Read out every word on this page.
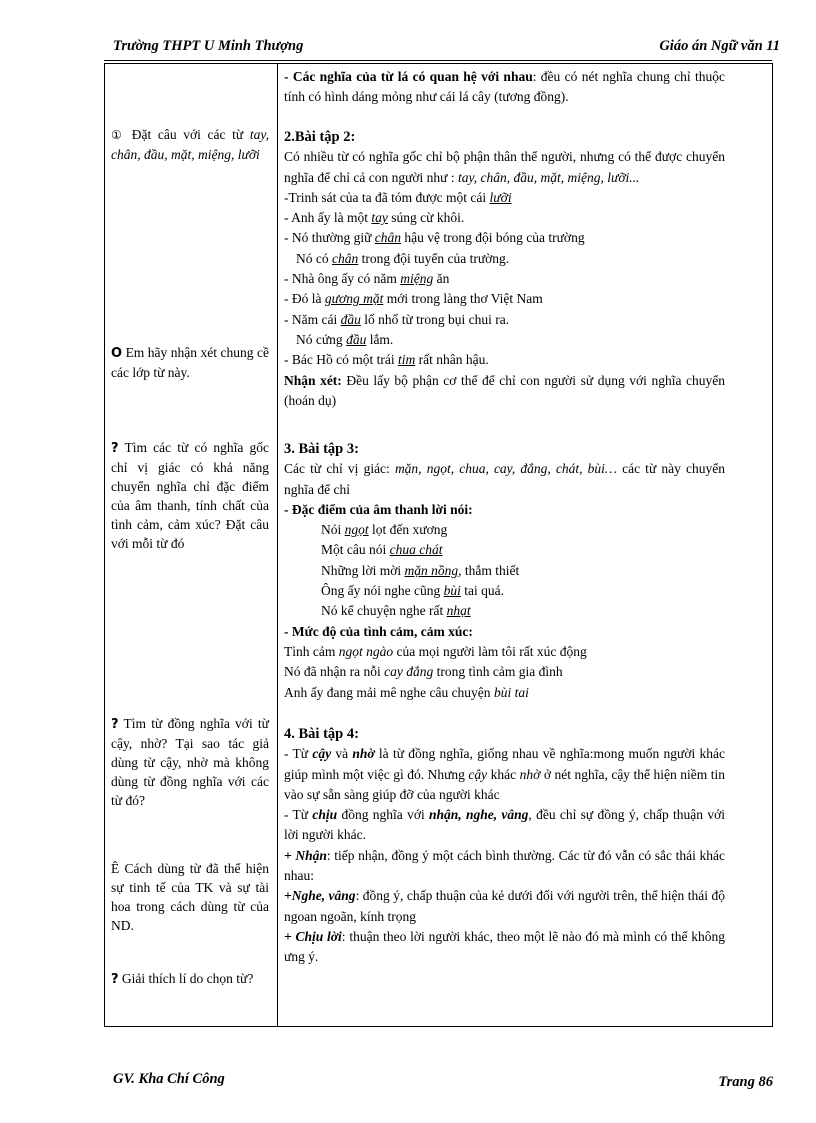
Trường THPT U Minh Thượng	Giáo án Ngữ văn 11
① Đặt câu với các từ tay, chân, đầu, mặt, miệng, lưỡi
O Em hãy nhận xét chung cề các lớp từ này.
? Tìm các từ có nghĩa gốc chỉ vị giác có khả năng chuyển nghĩa chỉ đặc điểm của âm thanh, tính chất của tình cảm, cảm xúc? Đặt câu với mỗi từ đó
? Tìm từ đồng nghĩa với từ cậy, nhờ? Tại sao tác giả dùng từ cậy, nhờ mà không dùng từ đồng nghĩa với các từ đó?
Ê Cách dùng từ đã thể hiện sự tinh tế của TK và sự tài hoa trong cách dùng từ của ND.
? Giải thích lí do chọn từ?
- Các nghĩa của từ lá có quan hệ với nhau: đều có nét nghĩa chung chỉ thuộc tính có hình dáng mỏng như cái lá cây (tương đồng).
2.Bài tập 2:
Có nhiều từ có nghĩa gốc chỉ bộ phận thân thể người, nhưng có thể được chuyển nghĩa để chỉ cả con người như : tay, chân, đầu, mặt, miệng, lưỡi...
-Trinh sát của ta đã tóm được một cái lưỡi
- Anh ấy là một tay súng cừ khôi.
- Nó thường giữ chân hậu vệ trong đội bóng của trường
Nó có chân trong đội tuyển của trường.
- Nhà ông ấy có năm miệng ăn
- Đó là gương mặt mới trong làng thơ Việt Nam
- Năm cái đầu lố nhố từ trong bụi chui ra.
Nó cứng đầu lắm.
- Bác Hồ có một trái tim rất nhân hậu.
Nhận xét: Đều lấy bộ phận cơ thể để chỉ con người sử dụng với nghĩa chuyển (hoán dụ)
3. Bài tập 3:
Các từ chỉ vị giác: mặn, ngọt, chua, cay, đắng, chát, bùi… các từ này chuyển nghĩa để chỉ
- Đặc điểm của âm thanh lời nói:
Nói ngọt lọt đến xương
Một câu nói chua chát
Những lời mời mặn nồng, thắm thiết
Ông ấy nói nghe cũng bùi tai quá.
Nó kể chuyện nghe rất nhạt
- Mức độ của tình cảm, cảm xúc:
Tình cảm ngọt ngào của mọi người làm tôi rất xúc động
Nó đã nhận ra nỗi cay đắng trong tình cảm gia đình
Anh ấy đang mải mê nghe câu chuyện bùi tai
4. Bài tập 4:
- Từ cậy và nhờ là từ đồng nghĩa, giống nhau về nghĩa:mong muốn người khác giúp mình một việc gì đó. Nhưng cậy khác nhờ ở nét nghĩa, cậy thể hiện niềm tin vào sự sẵn sàng giúp đỡ của người khác
- Từ chịu đồng nghĩa với nhận, nghe, vâng, đều chỉ sự đồng ý, chấp thuận với lời người khác.
+ Nhận: tiếp nhận, đồng ý một cách bình thường. Các từ đó vẫn có sắc thái khác nhau:
+Nghe, vâng: đồng ý, chấp thuận của kẻ dưới đối với người trên, thể hiện thái độ ngoan ngoãn, kính trọng
+ Chịu lời: thuận theo lời người khác, theo một lẽ nào đó mà mình có thể không ưng ý.
GV. Kha Chí Công	Trang 86
